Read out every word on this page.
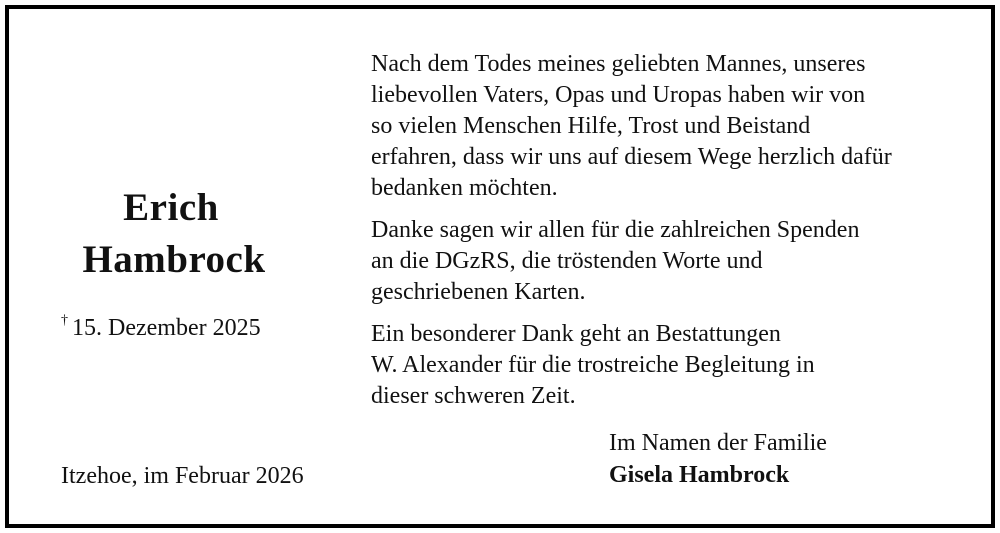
Erich
Hambrock
† 15. Dezember 2025
Itzehoe, im Februar 2026

Nach dem Todes meines geliebten Mannes, unseres
liebevollen Vaters, Opas und Uropas haben wir von
so vielen Menschen Hilfe, Trost und Beistand
erfahren, dass wir uns auf diesem Wege herzlich dafür
bedanken möchten.

Danke sagen wir allen für die zahlreichen Spenden
an die DGzRS, die tröstenden Worte und
geschriebenen Karten.

Ein besonderer Dank geht an Bestattungen
W. Alexander für die trostreiche Begleitung in
dieser schweren Zeit.

Im Namen der Familie
Gisela Hambrock
